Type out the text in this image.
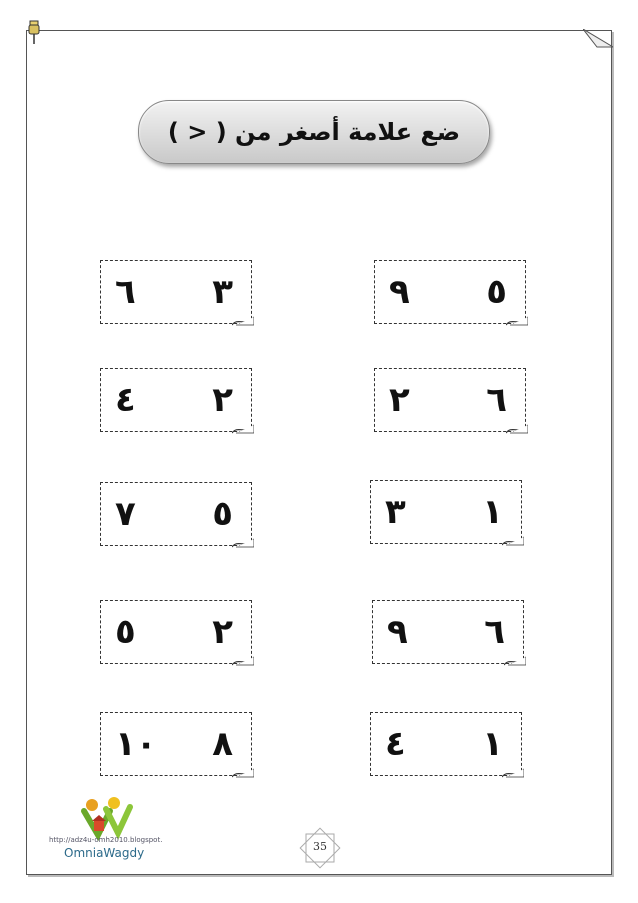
ضع علامة أصغر من ( < )
٦ ٣	٩ ٥
٤ ٢	٢ ٦
٧ ٥	٣ ١
٥ ٢	٩ ٦
١٠ ٨	٤ ١
http://adz4u-omh2010.blogspot.
OmniaWagdy	35
